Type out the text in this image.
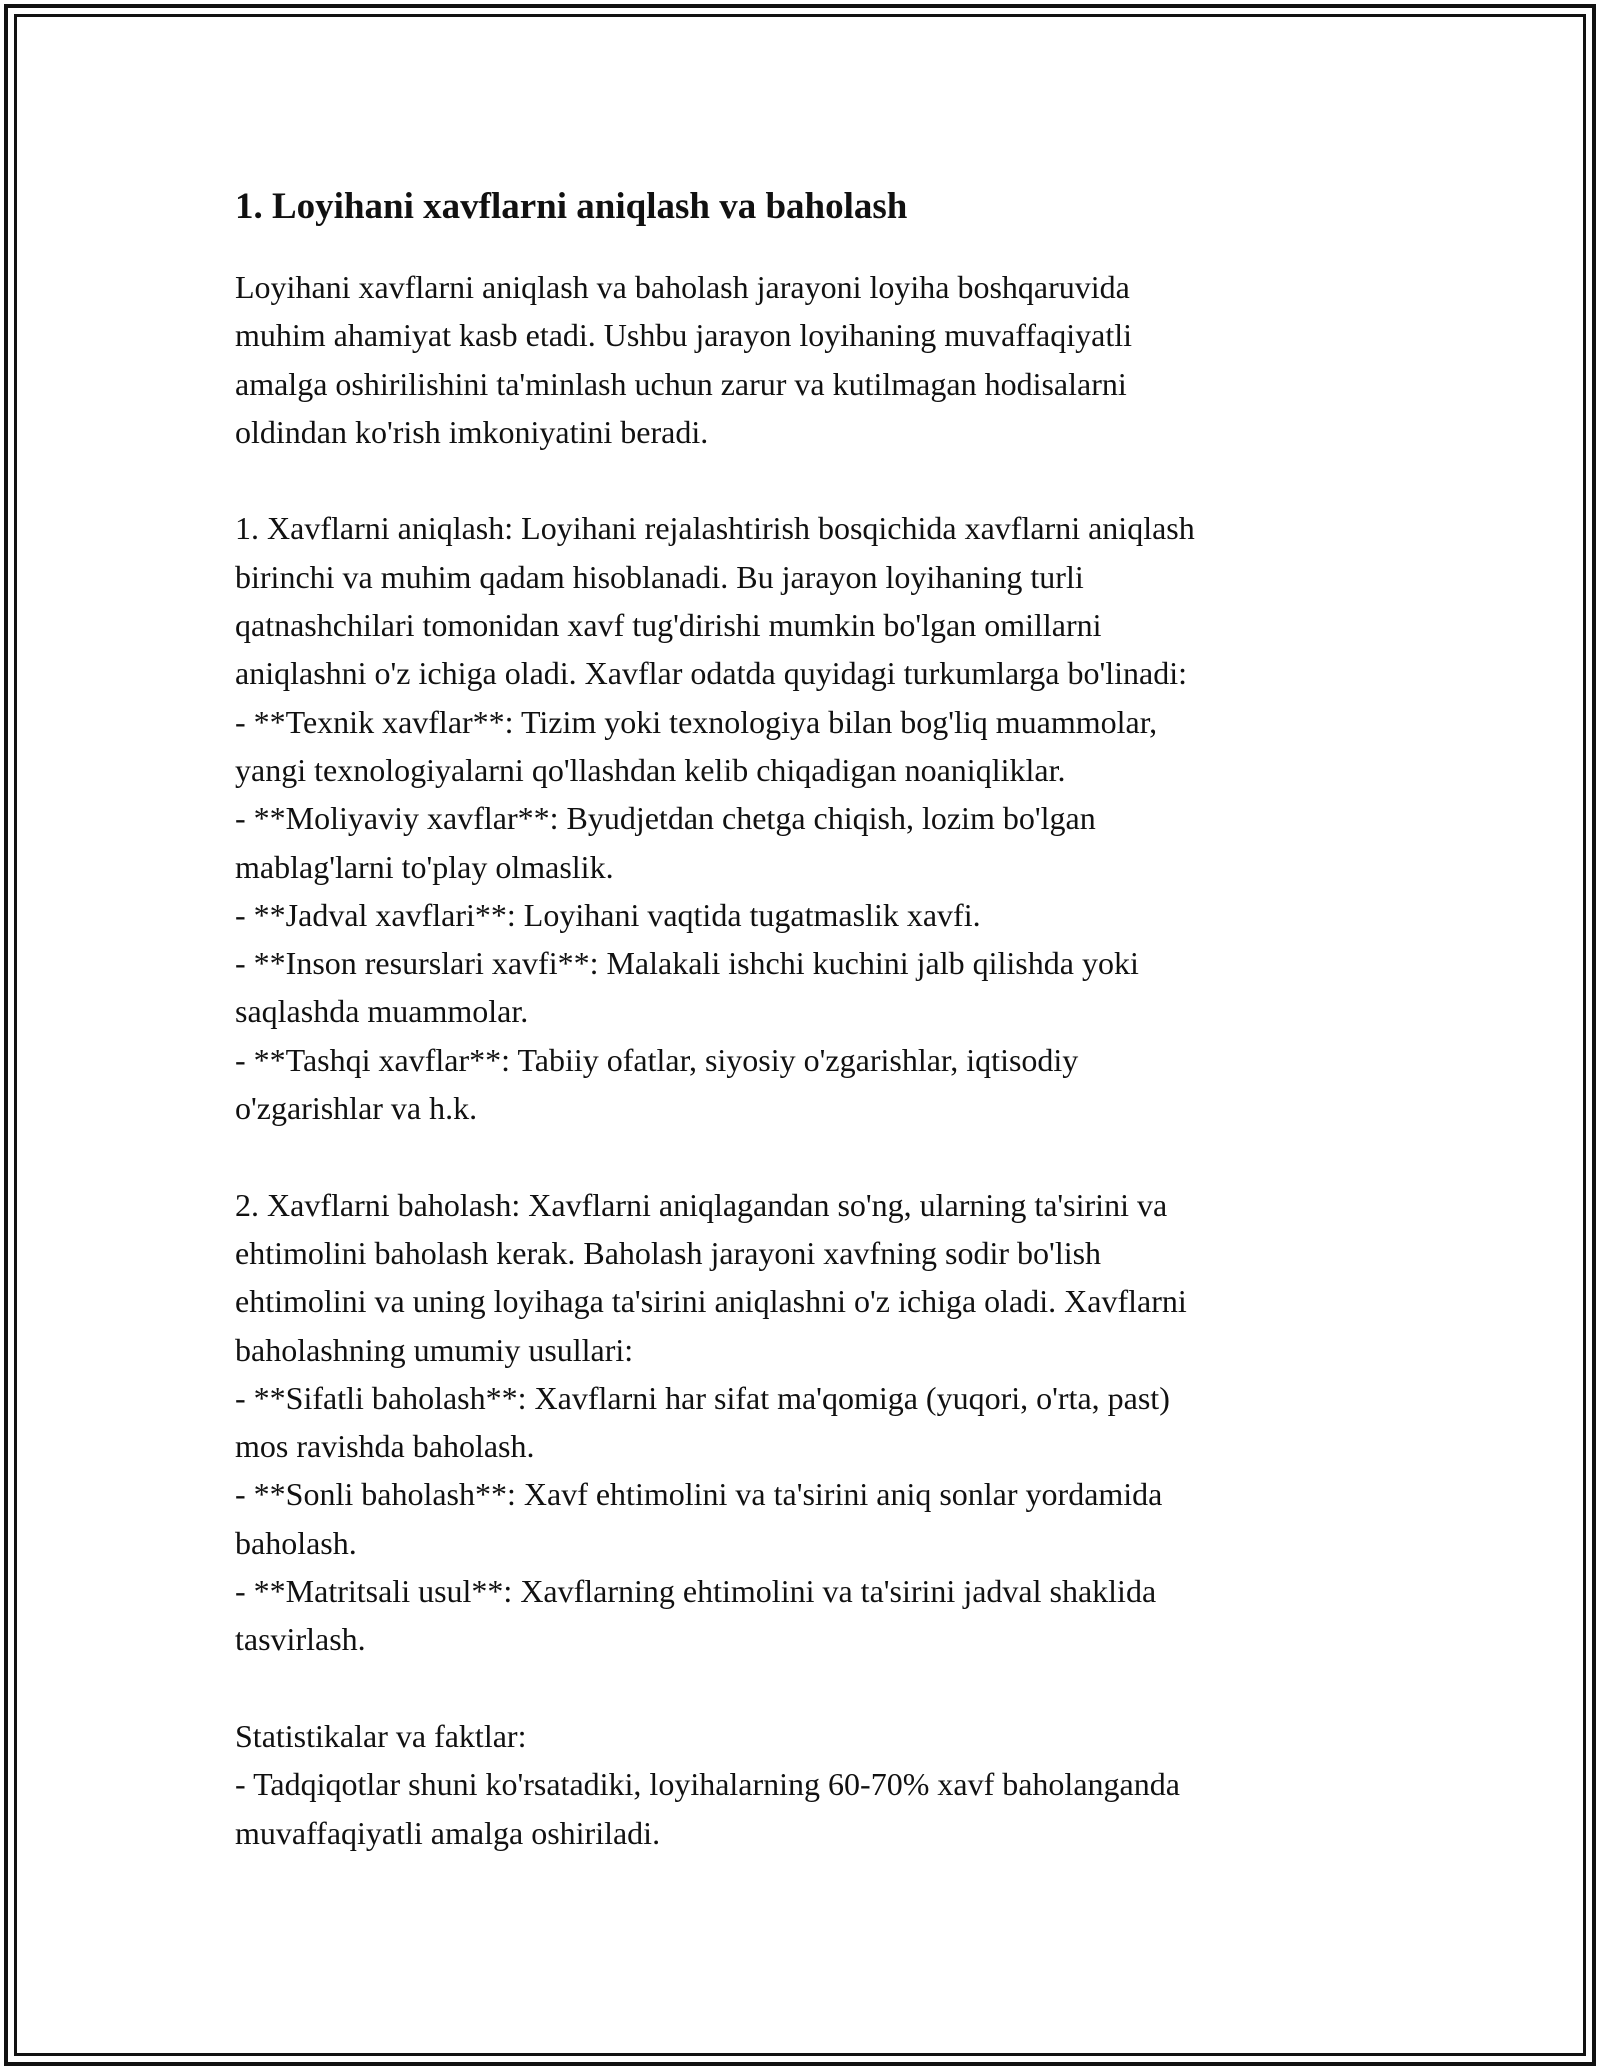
1. Loyihani xavflarni aniqlash va baholash

Loyihani xavflarni aniqlash va baholash jarayoni loyiha boshqaruvida
muhim ahamiyat kasb etadi. Ushbu jarayon loyihaning muvaffaqiyatli
amalga oshirilishini ta'minlash uchun zarur va kutilmagan hodisalarni
oldindan ko'rish imkoniyatini beradi.

1. Xavflarni aniqlash: Loyihani rejalashtirish bosqichida xavflarni aniqlash
birinchi va muhim qadam hisoblanadi. Bu jarayon loyihaning turli
qatnashchilari tomonidan xavf tug'dirishi mumkin bo'lgan omillarni
aniqlashni o'z ichiga oladi. Xavflar odatda quyidagi turkumlarga bo'linadi:
- **Texnik xavflar**: Tizim yoki texnologiya bilan bog'liq muammolar,
yangi texnologiyalarni qo'llashdan kelib chiqadigan noaniqliklar.
- **Moliyaviy xavflar**: Byudjetdan chetga chiqish, lozim bo'lgan
mablag'larni to'play olmaslik.
- **Jadval xavflari**: Loyihani vaqtida tugatmaslik xavfi.
- **Inson resurslari xavfi**: Malakali ishchi kuchini jalb qilishda yoki
saqlashda muammolar.
- **Tashqi xavflar**: Tabiiy ofatlar, siyosiy o'zgarishlar, iqtisodiy
o'zgarishlar va h.k.

2. Xavflarni baholash: Xavflarni aniqlagandan so'ng, ularning ta'sirini va
ehtimolini baholash kerak. Baholash jarayoni xavfning sodir bo'lish
ehtimolini va uning loyihaga ta'sirini aniqlashni o'z ichiga oladi. Xavflarni
baholashning umumiy usullari:
- **Sifatli baholash**: Xavflarni har sifat ma'qomiga (yuqori, o'rta, past)
mos ravishda baholash.
- **Sonli baholash**: Xavf ehtimolini va ta'sirini aniq sonlar yordamida
baholash.
- **Matritsali usul**: Xavflarning ehtimolini va ta'sirini jadval shaklida
tasvirlash.

Statistikalar va faktlar:
- Tadqiqotlar shuni ko'rsatadiki, loyihalarning 60-70% xavf baholanganda
muvaffaqiyatli amalga oshiriladi.
